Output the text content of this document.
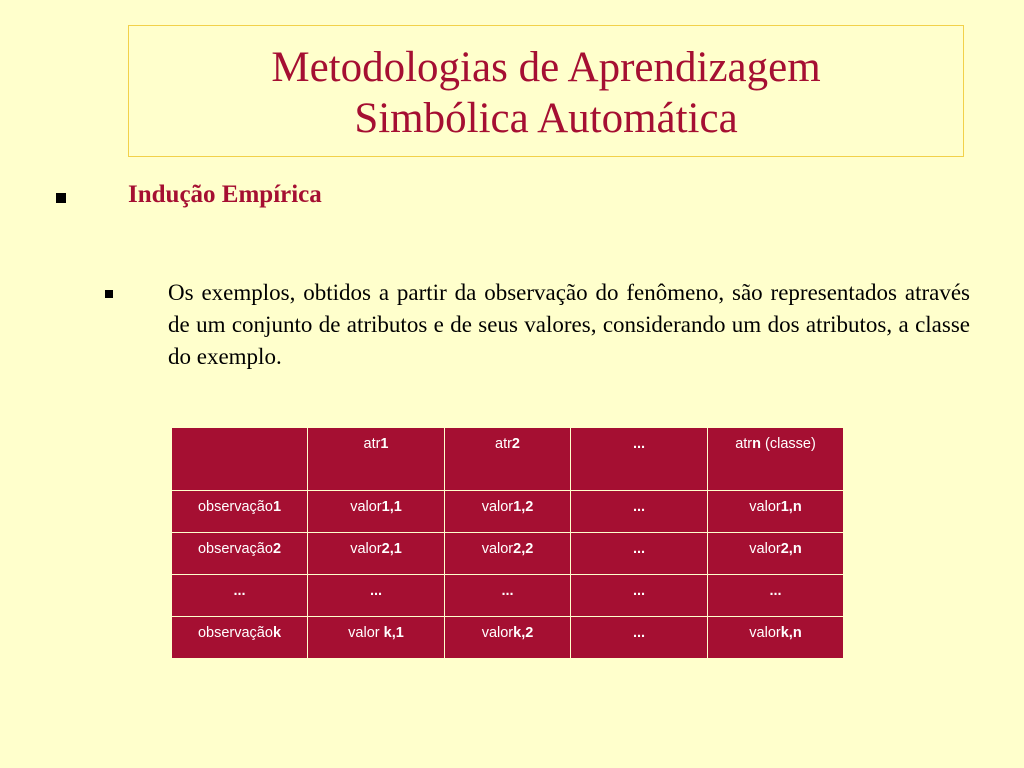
Metodologias de Aprendizagem
Simbólica Automática
Indução Empírica
Os exemplos, obtidos a partir da observação do fenômeno, são representados através de um conjunto de atributos e de seus valores, considerando um dos atributos, a classe do exemplo.
	atr1	atr2	...	atrn (classe)
observação1	valor1,1	valor1,2	...	valor1,n
observação2	valor2,1	valor2,2	...	valor2,n
...	...	...	...	...
observaçãok	valor k,1	valork,2	...	valork,n
